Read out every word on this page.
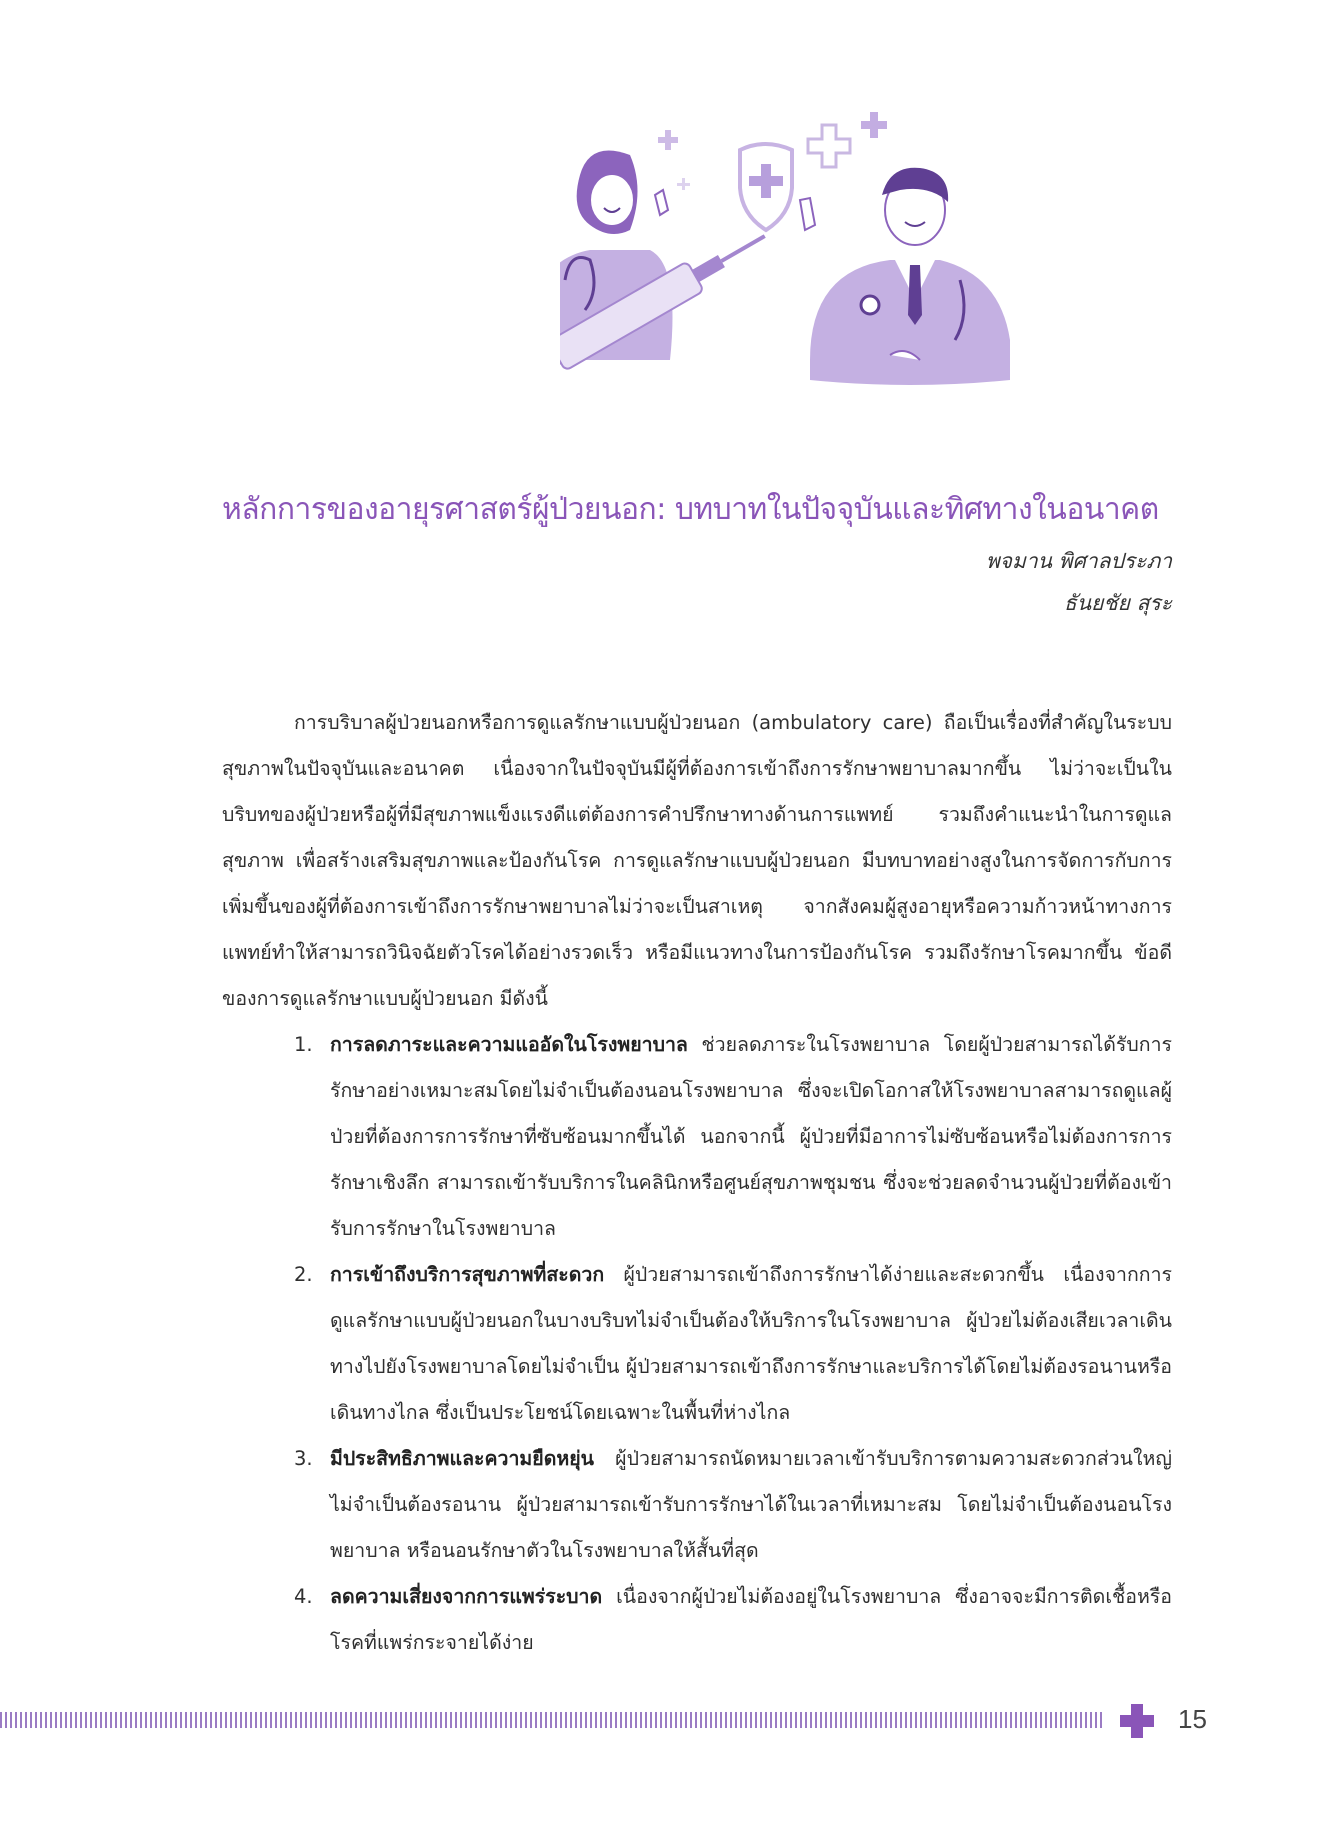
หลักการของอายุรศาสตร์ผู้ป่วยนอก: บทบาทในปัจจุบันและทิศทางในอนาคต
พจมาน พิศาลประภา
ธันยชัย สุระ

การบริบาลผู้ป่วยนอกหรือการดูแลรักษาแบบผู้ป่วยนอก (ambulatory care) ถือเป็นเรื่องที่สำคัญในระบบสุขภาพในปัจจุบันและอนาคต เนื่องจากในปัจจุบันมีผู้ที่ต้องการเข้าถึงการรักษาพยาบาลมากขึ้น ไม่ว่าจะเป็นในบริบทของผู้ป่วยหรือผู้ที่มีสุขภาพแข็งแรงดีแต่ต้องการคำปรึกษาทางด้านการแพทย์ รวมถึงคำแนะนำในการดูแลสุขภาพ เพื่อสร้างเสริมสุขภาพและป้องกันโรค การดูแลรักษาแบบผู้ป่วยนอก มีบทบาทอย่างสูงในการจัดการกับการเพิ่มขึ้นของผู้ที่ต้องการเข้าถึงการรักษาพยาบาลไม่ว่าจะเป็นสาเหตุ จากสังคมผู้สูงอายุหรือความก้าวหน้าทางการแพทย์ทำให้สามารถวินิจฉัยตัวโรคได้อย่างรวดเร็ว หรือมีแนวทางในการป้องกันโรค รวมถึงรักษาโรคมากขึ้น ข้อดีของการดูแลรักษาแบบผู้ป่วยนอก มีดังนี้

1. การลดภาระและความแออัดในโรงพยาบาล ช่วยลดภาระในโรงพยาบาล โดยผู้ป่วยสามารถได้รับการรักษาอย่างเหมาะสมโดยไม่จำเป็นต้องนอนโรงพยาบาล ซึ่งจะเปิดโอกาสให้โรงพยาบาลสามารถดูแลผู้ป่วยที่ต้องการการรักษาที่ซับซ้อนมากขึ้นได้ นอกจากนี้ ผู้ป่วยที่มีอาการไม่ซับซ้อนหรือไม่ต้องการการรักษาเชิงลึก สามารถเข้ารับบริการในคลินิกหรือศูนย์สุขภาพชุมชน ซึ่งจะช่วยลดจำนวนผู้ป่วยที่ต้องเข้ารับการรักษาในโรงพยาบาล
2. การเข้าถึงบริการสุขภาพที่สะดวก ผู้ป่วยสามารถเข้าถึงการรักษาได้ง่ายและสะดวกขึ้น เนื่องจากการดูแลรักษาแบบผู้ป่วยนอกในบางบริบทไม่จำเป็นต้องให้บริการในโรงพยาบาล ผู้ป่วยไม่ต้องเสียเวลาเดินทางไปยังโรงพยาบาลโดยไม่จำเป็น ผู้ป่วยสามารถเข้าถึงการรักษาและบริการได้โดยไม่ต้องรอนานหรือเดินทางไกล ซึ่งเป็นประโยชน์โดยเฉพาะในพื้นที่ห่างไกล
3. มีประสิทธิภาพและความยืดหยุ่น ผู้ป่วยสามารถนัดหมายเวลาเข้ารับบริการตามความสะดวกส่วนใหญ่ไม่จำเป็นต้องรอนาน ผู้ป่วยสามารถเข้ารับการรักษาได้ในเวลาที่เหมาะสม โดยไม่จำเป็นต้องนอนโรงพยาบาล หรือนอนรักษาตัวในโรงพยาบาลให้สั้นที่สุด
4. ลดความเสี่ยงจากการแพร่ระบาด เนื่องจากผู้ป่วยไม่ต้องอยู่ในโรงพยาบาล ซึ่งอาจจะมีการติดเชื้อหรือโรคที่แพร่กระจายได้ง่าย
15
